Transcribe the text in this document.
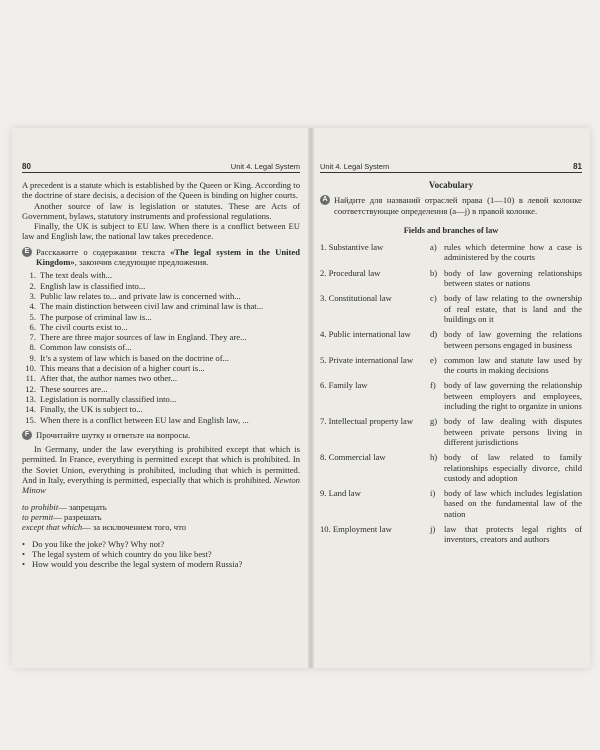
80	Unit 4. Legal System

A precedent is a statute which is established by the Queen or King. According to the doctrine of stare decisis, a decision of the Queen is binding on higher courts.

Another source of law is legislation or statutes. These are Acts of Government, bylaws, statutory instruments and professional regulations.

Finally, the UK is subject to EU law. When there is a conflict between EU law and English law, the national law takes precedence.

E Расскажите о содержании текста «The legal system in the United Kingdom», закончив следующие предложения.

1. The text deals with...
2. English law is classified into...
3. Public law relates to... and private law is concerned with...
4. The main distinction between civil law and criminal law is that...
5. The purpose of criminal law is...
6. The civil courts exist to...
7. There are three major sources of law in England. They are...
8. Common law consists of...
9. It’s a system of law which is based on the doctrine of...
10. This means that a decision of a higher court is...
11. After that, the author names two other...
12. These sources are...
13. Legislation is normally classified into...
14. Finally, the UK is subject to...
15. When there is a conflict between EU law and English law, ...
F Прочитайте шутку и ответьте на вопросы.

In Germany, under the law everything is prohibited except that which is permitted. In France, everything is permitted except that which is prohibited. In the Soviet Union, everything is prohibited, including that which is permitted. And in Italy, everything is permitted, especially that which is prohibited. Newton Minow

to prohibit — запрещать
to permit — разрешать
except that which — за исключением того, что
• Do you like the joke? Why? Why not?
• The legal system of which country do you like best?
• How would you describe the legal system of modern Russia?
Unit 4. Legal System	81
Vocabulary
A Найдите для названий отраслей права (1—10) в левой колонке соответствующие определения (a—j) в правой колонке.

Fields and branches of law
1. Substantive law	a) rules which determine how a case is administered by the courts
2. Procedural law	b) body of law governing relationships between states or nations
3. Constitutional law	c) body of law relating to the ownership of real estate, that is land and the buildings on it
4. Public international law	d) body of law governing the relations between persons engaged in business
5. Private international law	e) common law and statute law used by the courts in making decisions
6. Family law	f) body of law governing the relationship between employers and employees, including the right to organize in unions
7. Intellectual property law	g) body of law dealing with disputes between private persons living in different jurisdictions
8. Commercial law	h) body of law related to family relationships especially divorce, child custody and adoption
9. Land law	i)	body of law which includes legislation based on the fundamental law of the nation
10. Employment law	j)	law that protects legal rights of inventors, creators and authors
